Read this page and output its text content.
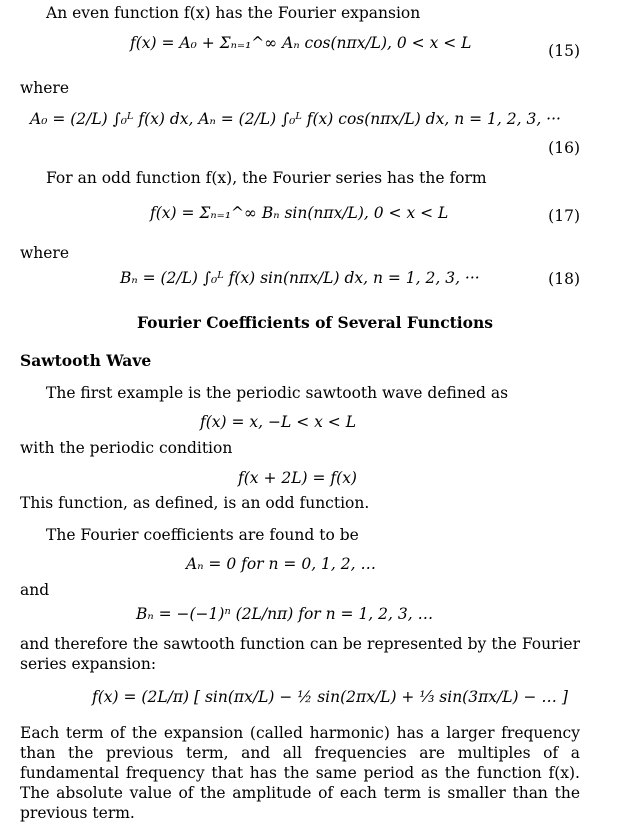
An even function f(x) has the Fourier expansion
f(x) = A₀ + Σₙ₌₁^∞ Aₙ cos(nπx/L), 0 < x < L	(15)
where
A₀ = (2/L) ∫₀ᴸ f(x) dx, Aₙ = (2/L) ∫₀ᴸ f(x) cos(nπx/L) dx, n = 1, 2, 3, ···
(16)
For an odd function f(x), the Fourier series has the form
f(x) = Σₙ₌₁^∞ Bₙ sin(nπx/L), 0 < x < L	(17)
where
Bₙ = (2/L) ∫₀ᴸ f(x) sin(nπx/L) dx, n = 1, 2, 3, ···	(18)
Fourier Coefficients of Several Functions
Sawtooth Wave
The first example is the periodic sawtooth wave defined as
f(x) = x, −L < x < L
with the periodic condition
f(x + 2L) = f(x)
This function, as defined, is an odd function.
The Fourier coefficients are found to be
Aₙ = 0 for n = 0, 1, 2, …
and
Bₙ = −(−1)ⁿ (2L/nπ) for n = 1, 2, 3, …
and therefore the sawtooth function can be represented by the Fourier series expansion:
f(x) = (2L/π) [ sin(πx/L) − ½ sin(2πx/L) + ⅓ sin(3πx/L) − … ]
Each term of the expansion (called harmonic) has a larger frequency than the previous term, and all frequencies are multiples of a fundamental frequency that has the same period as the function f(x). The absolute value of the amplitude of each term is smaller than the previous term.
